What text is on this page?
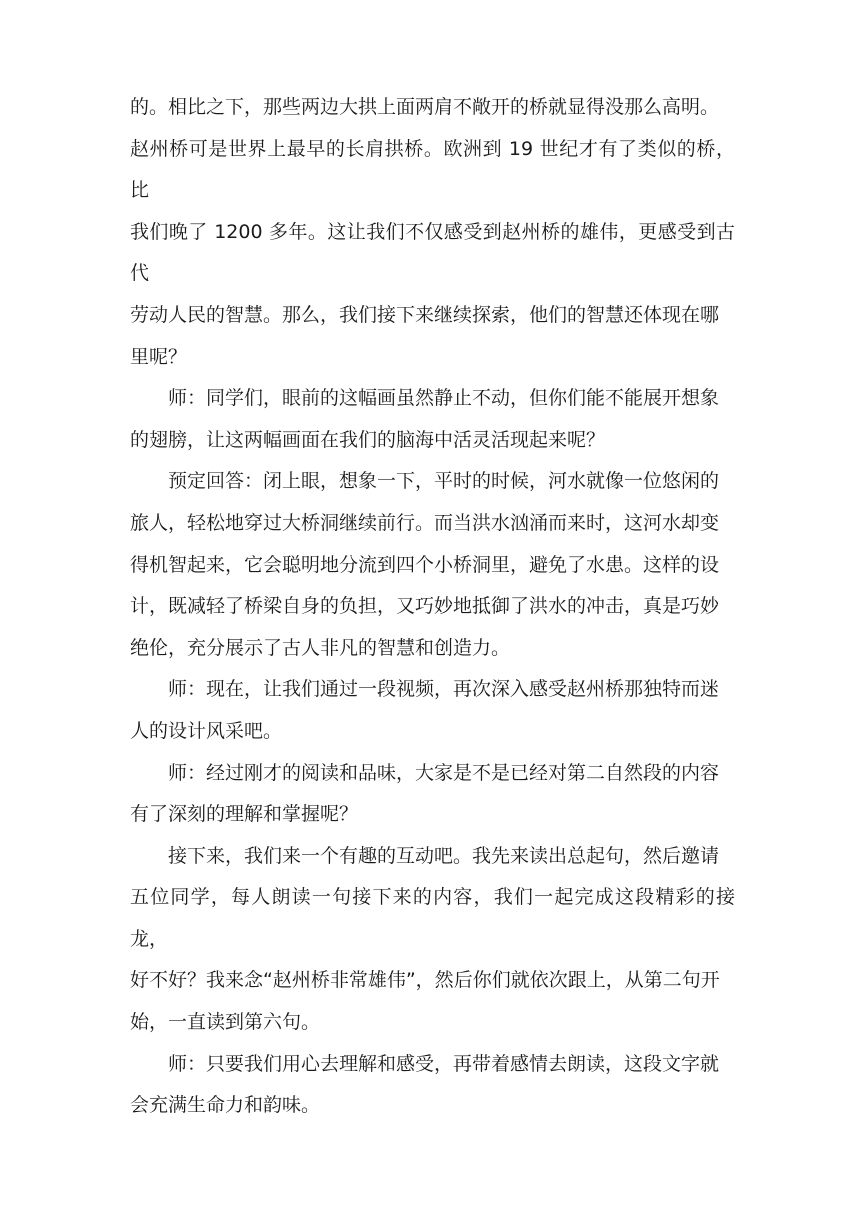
的。相比之下，那些两边大拱上面两肩不敞开的桥就显得没那么高明。
赵州桥可是世界上最早的长肩拱桥。欧洲到 19 世纪才有了类似的桥，比
我们晚了 1200 多年。这让我们不仅感受到赵州桥的雄伟，更感受到古代
劳动人民的智慧。那么，我们接下来继续探索，他们的智慧还体现在哪
里呢？
师：同学们，眼前的这幅画虽然静止不动，但你们能不能展开想象
的翅膀，让这两幅画面在我们的脑海中活灵活现起来呢？
预定回答：闭上眼，想象一下，平时的时候，河水就像一位悠闲的
旅人，轻松地穿过大桥洞继续前行。而当洪水汹涌而来时，这河水却变
得机智起来，它会聪明地分流到四个小桥洞里，避免了水患。这样的设
计，既减轻了桥梁自身的负担，又巧妙地抵御了洪水的冲击，真是巧妙
绝伦，充分展示了古人非凡的智慧和创造力。
师：现在，让我们通过一段视频，再次深入感受赵州桥那独特而迷
人的设计风采吧。
师：经过刚才的阅读和品味，大家是不是已经对第二自然段的内容
有了深刻的理解和掌握呢？
接下来，我们来一个有趣的互动吧。我先来读出总起句，然后邀请
五位同学，每人朗读一句接下来的内容，我们一起完成这段精彩的接龙，
好不好？我来念“赵州桥非常雄伟”，然后你们就依次跟上，从第二句开
始，一直读到第六句。
师：只要我们用心去理解和感受，再带着感情去朗读，这段文字就
会充满生命力和韵味。
